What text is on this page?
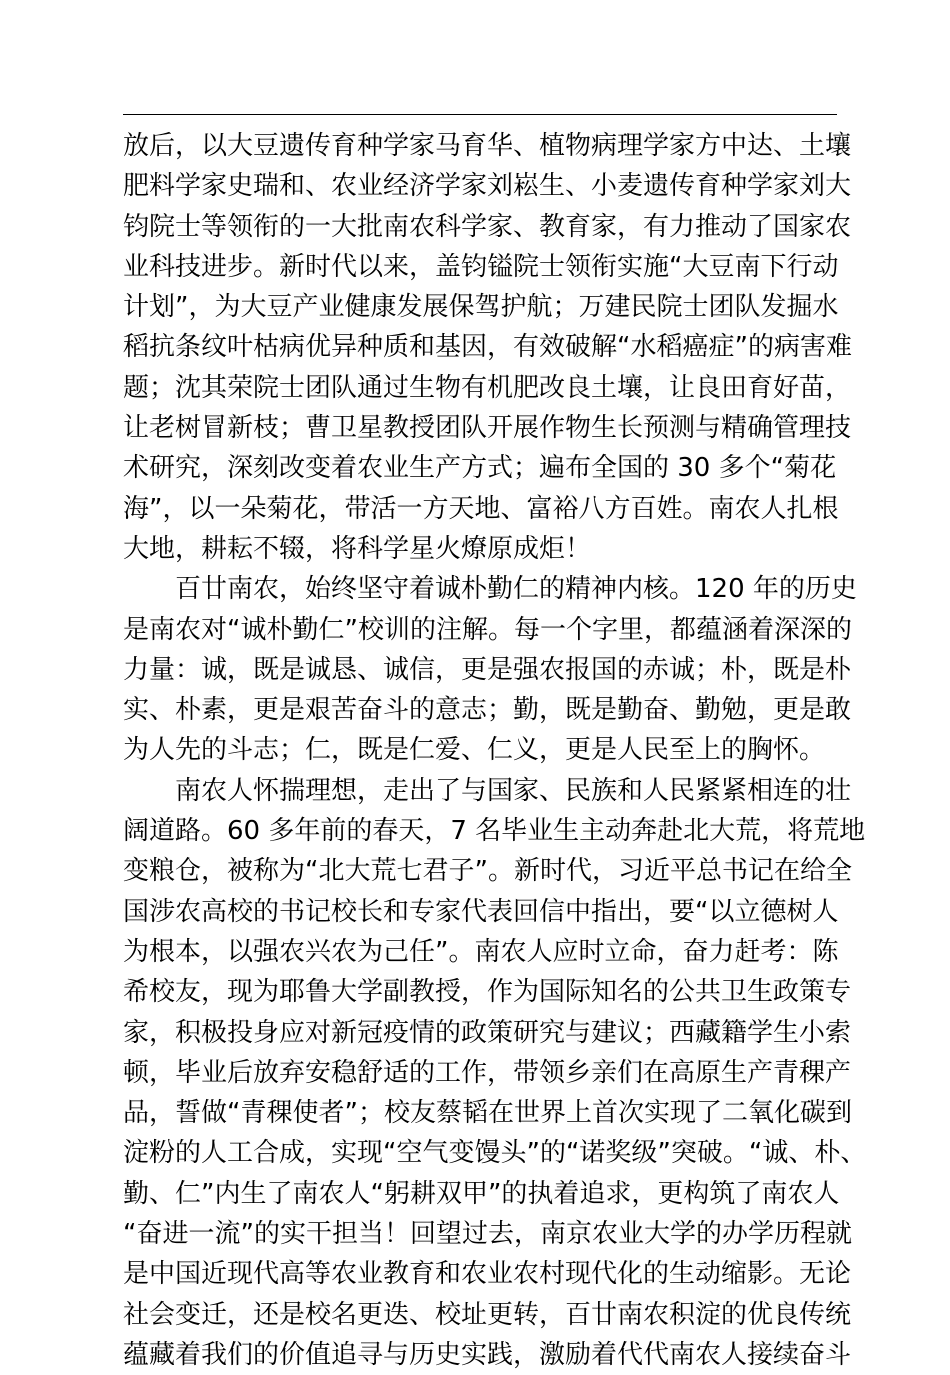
放后，以大豆遗传育种学家马育华、植物病理学家方中达、土壤
肥料学家史瑞和、农业经济学家刘崧生、小麦遗传育种学家刘大
钧院士等领衔的一大批南农科学家、教育家，有力推动了国家农
业科技进步。新时代以来，盖钧镒院士领衔实施“大豆南下行动
计划”，为大豆产业健康发展保驾护航；万建民院士团队发掘水
稻抗条纹叶枯病优异种质和基因，有效破解“水稻癌症”的病害难
题；沈其荣院士团队通过生物有机肥改良土壤，让良田育好苗，
让老树冒新枝；曹卫星教授团队开展作物生长预测与精确管理技
术研究，深刻改变着农业生产方式；遍布全国的 30 多个“菊花
海”，以一朵菊花，带活一方天地、富裕八方百姓。南农人扎根
大地，耕耘不辍，将科学星火燎原成炬！
百廿南农，始终坚守着诚朴勤仁的精神内核。120 年的历史
是南农对“诚朴勤仁”校训的注解。每一个字里，都蕴涵着深深的
力量：诚，既是诚恳、诚信，更是强农报国的赤诚；朴，既是朴
实、朴素，更是艰苦奋斗的意志；勤，既是勤奋、勤勉，更是敢
为人先的斗志；仁，既是仁爱、仁义，更是人民至上的胸怀。
南农人怀揣理想，走出了与国家、民族和人民紧紧相连的壮
阔道路。60 多年前的春天，7 名毕业生主动奔赴北大荒，将荒地
变粮仓，被称为“北大荒七君子”。新时代，习近平总书记在给全
国涉农高校的书记校长和专家代表回信中指出，要“以立德树人
为根本，以强农兴农为己任”。南农人应时立命，奋力赶考：陈
希校友，现为耶鲁大学副教授，作为国际知名的公共卫生政策专
家，积极投身应对新冠疫情的政策研究与建议；西藏籍学生小索
顿，毕业后放弃安稳舒适的工作，带领乡亲们在高原生产青稞产
品，誓做“青稞使者”；校友蔡韬在世界上首次实现了二氧化碳到
淀粉的人工合成，实现“空气变馒头”的“诺奖级”突破。“诚、朴、
勤、仁”内生了南农人“躬耕双甲”的执着追求，更构筑了南农人
“奋进一流”的实干担当！回望过去，南京农业大学的办学历程就
是中国近现代高等农业教育和农业农村现代化的生动缩影。无论
社会变迁，还是校名更迭、校址更转，百廿南农积淀的优良传统
蕴藏着我们的价值追寻与历史实践，激励着代代南农人接续奋斗
